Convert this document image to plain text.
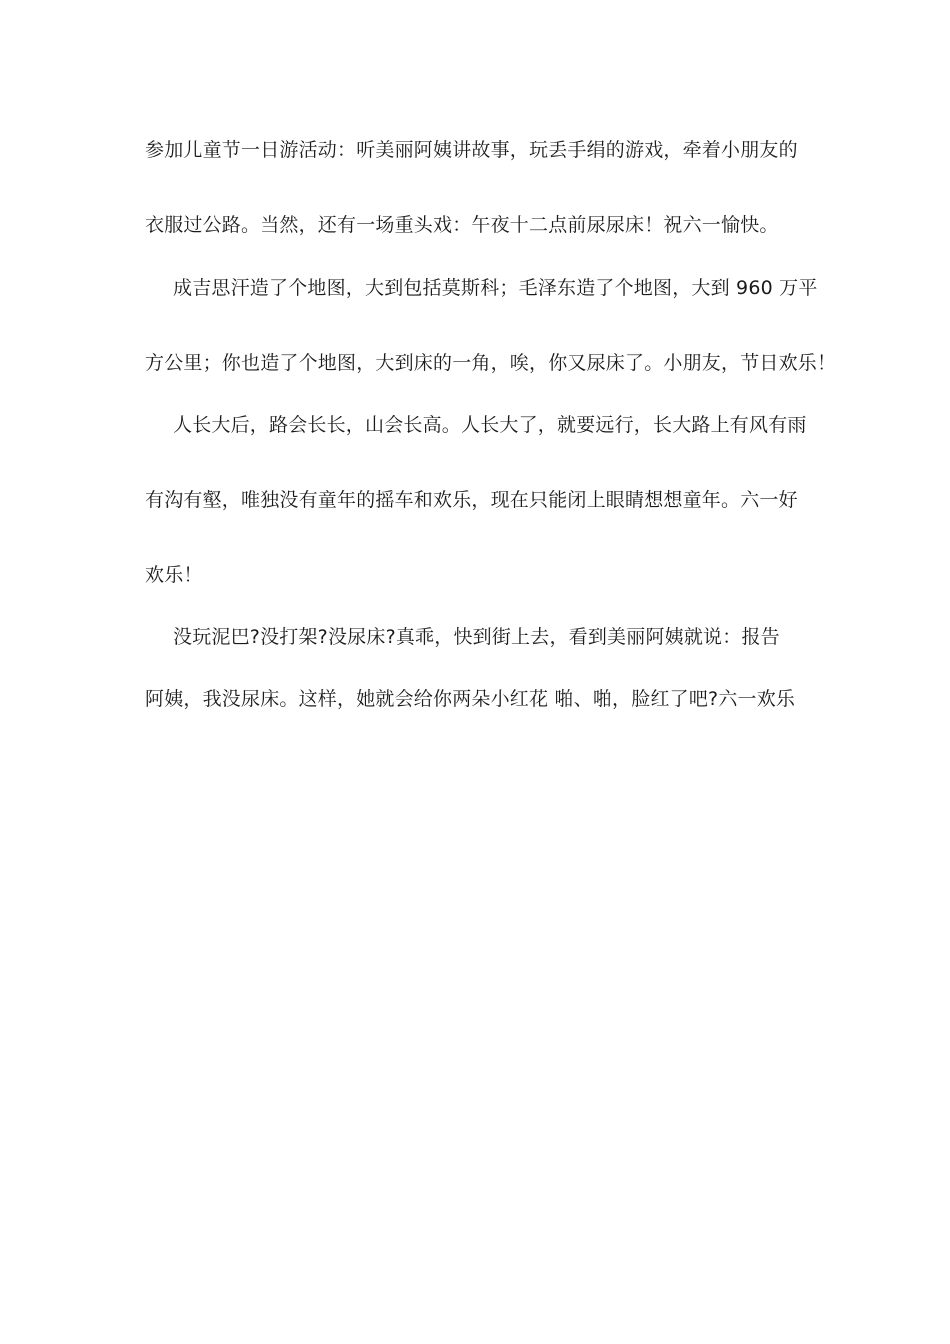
参加儿童节一日游活动：听美丽阿姨讲故事，玩丢手绢的游戏，牵着小朋友的
衣服过公路。当然，还有一场重头戏：午夜十二点前尿尿床！祝六一愉快。
成吉思汗造了个地图，大到包括莫斯科；毛泽东造了个地图，大到 960 万平
方公里；你也造了个地图，大到床的一角，唉，你又尿床了。小朋友，节日欢乐！
人长大后，路会长长，山会长高。人长大了，就要远行，长大路上有风有雨
有沟有壑，唯独没有童年的摇车和欢乐，现在只能闭上眼睛想想童年。六一好
欢乐！
没玩泥巴?没打架?没尿床?真乖，快到街上去，看到美丽阿姨就说：报告
阿姨，我没尿床。这样，她就会给你两朵小红花 啪、啪，脸红了吧?六一欢乐
